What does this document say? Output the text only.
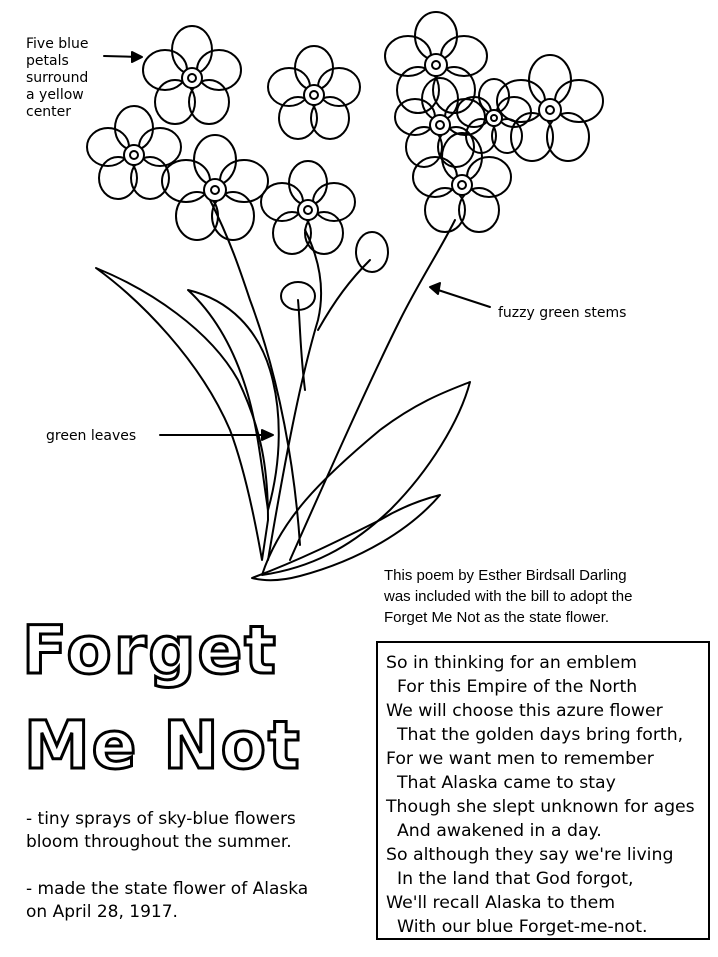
Five blue
petals
surround
a yellow
center
fuzzy green stems
green leaves
Forget
Me Not
- tiny sprays of sky-blue flowers
bloom throughout the summer.
- made the state flower of Alaska
on April 28, 1917.
This poem by Esther Birdsall Darling
was included with the bill to adopt the
Forget Me Not as the state flower.
So in thinking for an emblem
For this Empire of the North
We will choose this azure flower
That the golden days bring forth,
For we want men to remember
That Alaska came to stay
Though she slept unknown for ages
And awakened in a day.
So although they say we're living
In the land that God forgot,
We'll recall Alaska to them
With our blue Forget-me-not.
